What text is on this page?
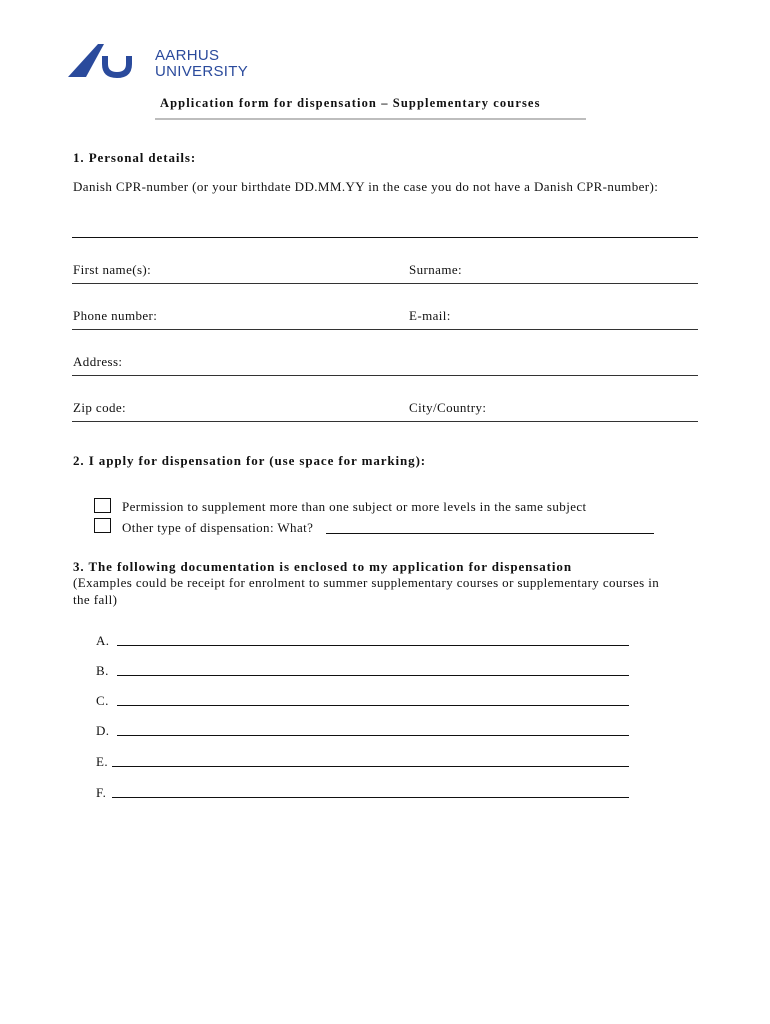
AARHUS
UNIVERSITY
Application form for dispensation – Supplementary courses
1. Personal details:
Danish CPR-number (or your birthdate DD.MM.YY in the case you do not have a Danish CPR-number):
First name(s):	Surname:
Phone number:	E-mail:
Address:
Zip code:	City/Country:
2. I apply for dispensation for (use space for marking):
Permission to supplement more than one subject or more levels in the same subject
Other type of dispensation: What?
3. The following documentation is enclosed to my application for dispensation
(Examples could be receipt for enrolment to summer supplementary courses or supplementary courses in the fall)
A.
B.
C.
D.
E.
F.
